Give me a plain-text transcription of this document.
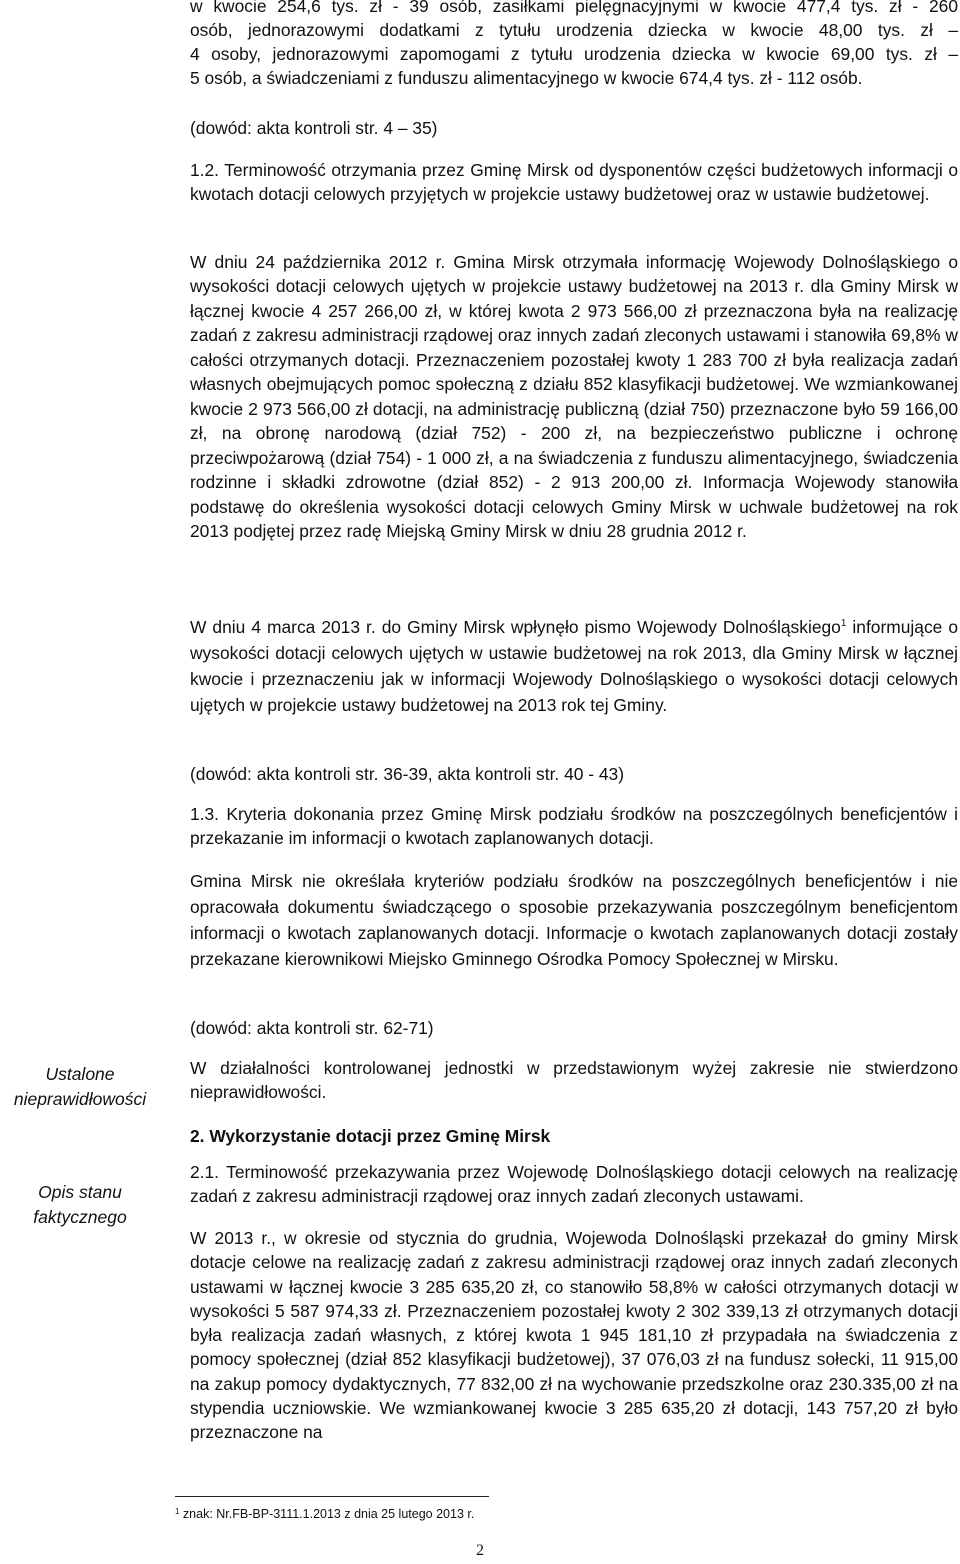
w kwocie 254,6 tys. zł - 39 osób, zasiłkami pielęgnacyjnymi w kwocie 477,4 tys. zł - 260

osób, jednorazowymi dodatkami z tytułu urodzenia dziecka w kwocie 48,00 tys. zł –

4 osoby, jednorazowymi zapomogami z tytułu urodzenia dziecka w kwocie 69,00 tys. zł –

5 osób, a świadczeniami z funduszu alimentacyjnego w kwocie 674,4 tys. zł - 112 osób.

(dowód: akta kontroli str. 4 – 35)

1.2. Terminowość otrzymania przez Gminę Mirsk od dysponentów części budżetowych informacji o kwotach dotacji celowych przyjętych w projekcie ustawy budżetowej oraz w ustawie budżetowej.

W dniu 24 października 2012 r. Gmina Mirsk otrzymała informację Wojewody Dolnośląskiego o wysokości dotacji celowych ujętych w projekcie ustawy budżetowej na 2013 r. dla Gminy Mirsk w łącznej kwocie 4 257 266,00 zł, w której kwota 2 973 566,00 zł przeznaczona była na realizację zadań z zakresu administracji rządowej oraz innych zadań zleconych ustawami i stanowiła 69,8% w całości otrzymanych dotacji. Przeznaczeniem pozostałej kwoty 1 283 700 zł była realizacja zadań własnych obejmujących pomoc społeczną z działu 852 klasyfikacji budżetowej. We wzmiankowanej kwocie 2 973 566,00 zł dotacji, na administrację publiczną (dział 750) przeznaczone było 59 166,00 zł, na obronę narodową (dział 752) - 200 zł, na bezpieczeństwo publiczne i ochronę przeciwpożarową (dział 754) - 1 000 zł, a na świadczenia z funduszu alimentacyjnego, świadczenia rodzinne i składki zdrowotne (dział 852) - 2 913 200,00 zł. Informacja Wojewody stanowiła podstawę do określenia wysokości dotacji celowych Gminy Mirsk w uchwale budżetowej na rok 2013 podjętej przez radę Miejską Gminy Mirsk w dniu 28 grudnia 2012 r.

W dniu 4 marca 2013 r. do Gminy Mirsk wpłynęło pismo Wojewody Dolnośląskiego$^1$ informujące o wysokości dotacji celowych ujętych w ustawie budżetowej na rok 2013, dla Gminy Mirsk w łącznej kwocie i przeznaczeniu jak w informacji Wojewody Dolnośląskiego o wysokości dotacji celowych ujętych w projekcie ustawy budżetowej na 2013 rok tej Gminy.

(dowód: akta kontroli str. 36-39, akta kontroli str. 40 - 43)

1.3. Kryteria dokonania przez Gminę Mirsk podziału środków na poszczególnych beneficjentów i przekazanie im informacji o kwotach zaplanowanych dotacji.

Gmina Mirsk nie określała kryteriów podziału środków na poszczególnych beneficjentów i nie opracowała dokumentu świadczącego o sposobie przekazywania poszczególnym beneficjentom informacji o kwotach zaplanowanych dotacji. Informacje o kwotach zaplanowanych dotacji zostały przekazane kierownikowi Miejsko Gminnego Ośrodka Pomocy Społecznej w Mirsku.

(dowód: akta kontroli str. 62-71)

W działalności kontrolowanej jednostki w przedstawionym wyżej zakresie nie stwierdzono nieprawidłowości.

2. Wykorzystanie dotacji przez Gminę Mirsk

2.1. Terminowość przekazywania przez Wojewodę Dolnośląskiego dotacji celowych na realizację zadań z zakresu administracji rządowej oraz innych zadań zleconych ustawami.

W 2013 r., w okresie od stycznia do grudnia, Wojewoda Dolnośląski przekazał do gminy Mirsk dotacje celowe na realizację zadań z zakresu administracji rządowej oraz innych zadań zleconych ustawami w łącznej kwocie 3 285 635,20 zł, co stanowiło 58,8% w całości otrzymanych dotacji w wysokości 5 587 974,33 zł. Przeznaczeniem pozostałej kwoty 2 302 339,13 zł otrzymanych dotacji była realizacja zadań własnych, z której kwota 1 945 181,10 zł przypadała na świadczenia z pomocy społecznej (dział 852 klasyfikacji budżetowej), 37 076,03 zł na fundusz sołecki, 11 915,00 na zakup pomocy dydaktycznych, 77 832,00 zł na wychowanie przedszkolne oraz 230.335,00 zł na stypendia uczniowskie. We wzmiankowanej kwocie 3 285 635,20 zł dotacji, 143 757,20 zł było przeznaczone na

Ustalone
nieprawidłowości
Opis stanu
faktycznego
$^1$ znak: Nr.FB-BP-3111.1.2013 z dnia 25 lutego 2013 r.
2
